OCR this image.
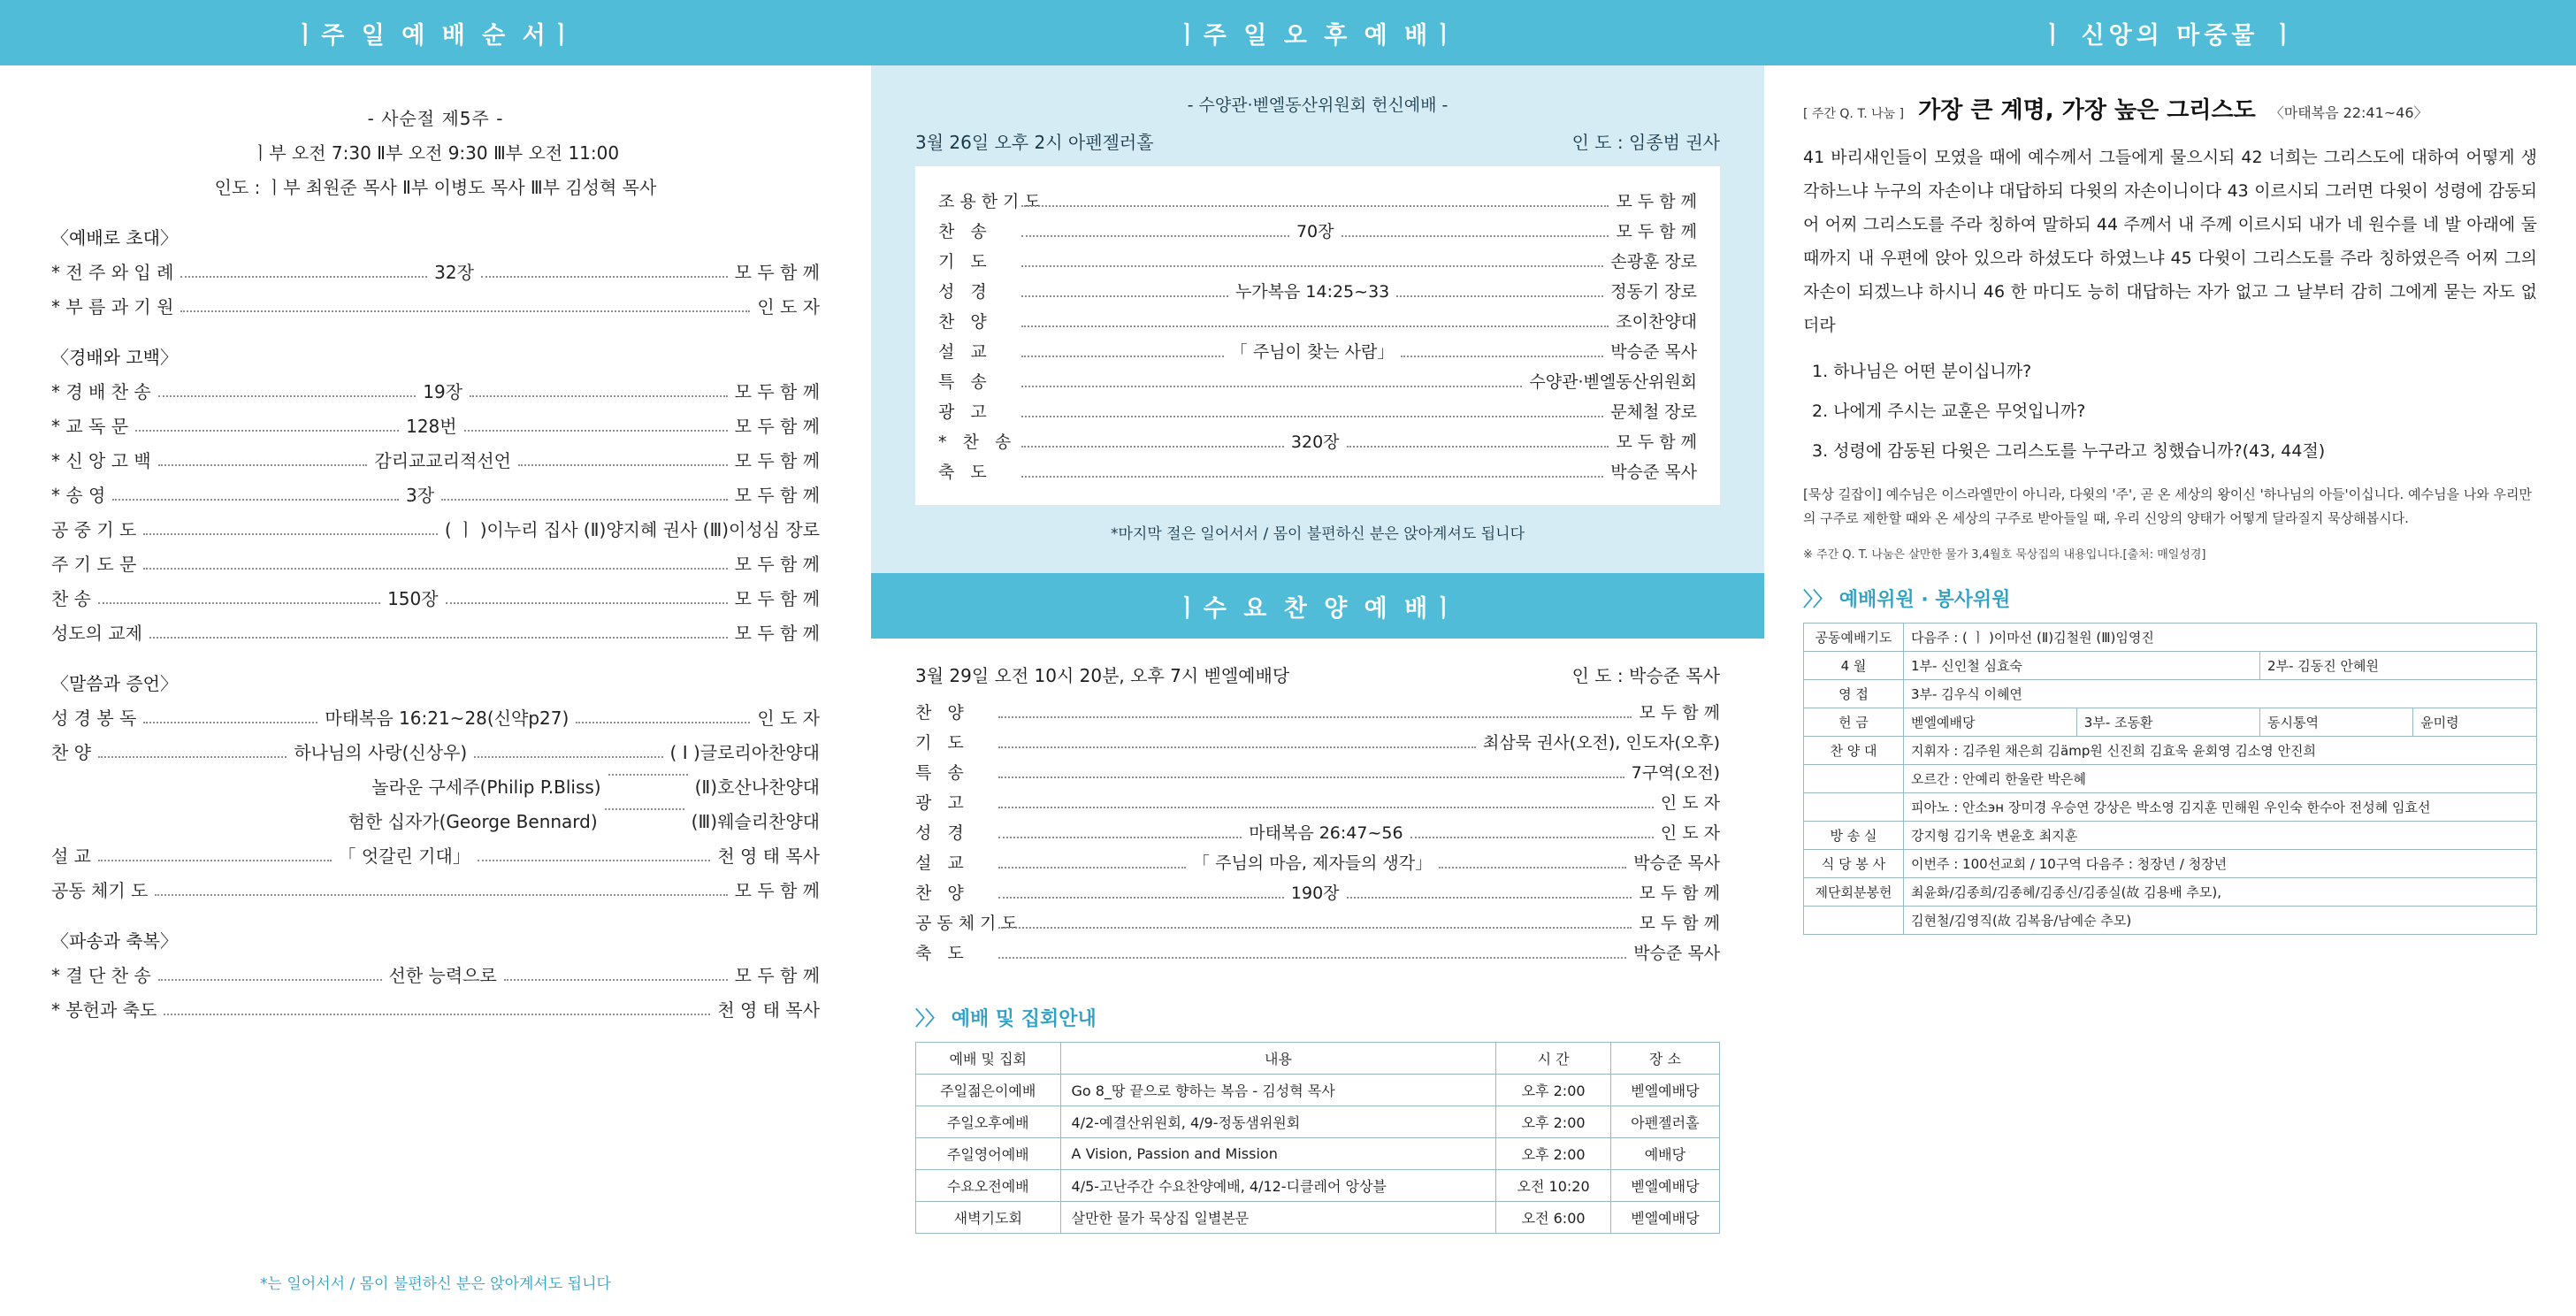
ㅣ주 일 예 배 순 서ㅣ
- 사순절 제5주 -
ㅣ부 오전 7:30 Ⅱ부 오전 9:30 Ⅲ부 오전 11:00
인도 : ㅣ부 최원준 목사 Ⅱ부 이병도 목사 Ⅲ부 김성혁 목사
〈예배로 초대〉
* 전 주 와 입 례	32장	모 두 함 께
* 부 름 과 기 원	인 도 자
〈경배와 고백〉
* 경 배 찬 송	19장	모 두 함 께
* 교 독 문	128번	모 두 함 께
* 신 앙 고 백	감리교교리적선언	모 두 함 께
* 송 영	3장	모 두 함 께
공 중 기 도	( ㅣ )이누리 집사 (Ⅱ)양지혜 권사 (Ⅲ)이성심 장로
주 기 도 문	모 두 함 께
찬 송	150장	모 두 함 께
성도의 교제	모 두 함 께
〈말씀과 증언〉
성 경 봉 독	마태복음 16:21~28(신약p27)	인 도 자
찬 양	하나님의 사랑(신상우)	( I )글로리아찬양대
놀라운 구세주(Philip P.Bliss)	(Ⅱ)호산나찬양대
험한 십자가(George Bennard)	(Ⅲ)웨슬리찬양대
설 교	「 엇갈린 기대」	천 영 태 목사
공동 체기 도	모 두 함 께
〈파송과 축복〉
* 결 단 찬 송	선한 능력으로	모 두 함 께
* 봉헌과 축도	천 영 태 목사
*는 일어서서 / 몸이 불편하신 분은 앉아계셔도 됩니다
ㅣ주 일 오 후 예 배ㅣ
- 수양관·벧엘동산위원회 헌신예배 -
3월 26일 오후 2시 아펜젤러홀	인 도 : 임종범 권사
조용한기도	모 두 함 께
찬 송	70장	모 두 함 께
기 도	손광훈 장로
성 경	누가복음 14:25~33	정동기 장로
찬 양	조이찬양대
설 교	「 주님이 찾는 사람」	박승준 목사
특 송	수양관·벧엘동산위원회
광 고	문체철 장로
* 찬 송	320장	모 두 함 께
축 도	박승준 목사
*마지막 절은 일어서서 / 몸이 불편하신 분은 앉아계셔도 됩니다
ㅣ수 요 찬 양 예 배ㅣ
3월 29일 오전 10시 20분, 오후 7시 벧엘예배당	인 도 : 박승준 목사
찬 양	모 두 함 께
기 도	최삼묵 권사(오전), 인도자(오후)
특 송	7구역(오전)
광 고	인 도 자
성 경	마태복음 26:47~56	인 도 자
설 교	「 주님의 마음, 제자들의 생각」	박승준 목사
찬 양	190장	모 두 함 께
공동체기도	모 두 함 께
축 도	박승준 목사
〉〉 예배 및 집회안내
예배 및 집회	내용	시 간	장 소
주일젊은이예배	Go 8_땅 끝으로 향하는 복음 - 김성혁 목사	오후 2:00	벧엘예배당
주일오후예배	4/2-예결산위원회, 4/9-정동샘위원회	오후 2:00	아펜젤러홀
주일영어예배	A Vision, Passion and Mission	오후 2:00	예배당
수요오전예배	4/5-고난주간 수요찬양예배, 4/12-디클레어 앙상블	오전 10:20	벧엘예배당
새벽기도회	살만한 물가 묵상집 일별본문	오전 6:00	벧엘예배당
ㅣ 신앙의 마중물 ㅣ
[ 주간 Q. T. 나눔 ] 가장 큰 계명, 가장 높은 그리스도 〈마태복음 22:41~46〉
41 바리새인들이 모였을 때에 예수께서 그들에게 물으시되 42 너희는 그리스도에 대하여 어떻게 생각하느냐 누구의 자손이냐 대답하되 다윗의 자손이니이다 43 이르시되 그러면 다윗이 성령에 감동되어 어찌 그리스도를 주라 칭하여 말하되 44 주께서 내 주께 이르시되 내가 네 원수를 네 발 아래에 둘 때까지 내 우편에 앉아 있으라 하셨도다 하였느냐 45 다윗이 그리스도를 주라 칭하였은즉 어찌 그의 자손이 되겠느냐 하시니 46 한 마디도 능히 대답하는 자가 없고 그 날부터 감히 그에게 묻는 자도 없더라
1. 하나님은 어떤 분이십니까?
2. 나에게 주시는 교훈은 무엇입니까?
3. 성령에 감동된 다윗은 그리스도를 누구라고 칭했습니까?(43, 44절)
[묵상 길잡이] 예수님은 이스라엘만이 아니라, 다윗의 '주', 곧 온 세상의 왕이신 '하나님의 아들'이십니다. 예수님을 나와 우리만의 구주로 제한할 때와 온 세상의 구주로 받아들일 때, 우리 신앙의 양태가 어떻게 달라질지 묵상해봅시다.
※ 주간 Q. T. 나눔은 살만한 물가 3,4월호 묵상집의 내용입니다.[출처: 매일성경]
〉〉 예배위원 · 봉사위원
공동예배기도	다음주 : ( ㅣ )이마선 (Ⅱ)김철원 (Ⅲ)임영진			
4 월	1부- 신인철 심효숙		2부- 김동진 안혜원	
영 접	3부- 김우식 이혜연			
헌 금	벧엘예배당	3부- 조동환	동시통역	윤미령
찬 양 대	지휘자 : 김주원 채은희 김ämp원 신진희 김효욱 윤회영 김소영 안진희			
	오르간 : 안예리 한울란 박은혜			
	피아노 : 안소эн 장미경 우승연 강상은 박소영 김지훈 민해원 우인숙 한수아 전성혜 임효선			
방 송 실	강지형 김기욱 변윤호 최지훈			
식 당 봉 사	이번주 : 100선교회 / 10구역 다음주 : 청장년 / 청장년			
제단회분봉헌	최윤화/김종희/김종혜/김종신/김종실(故 김용배 추모),			
	김현철/김영직(故 김복융/남예순 추모)			
